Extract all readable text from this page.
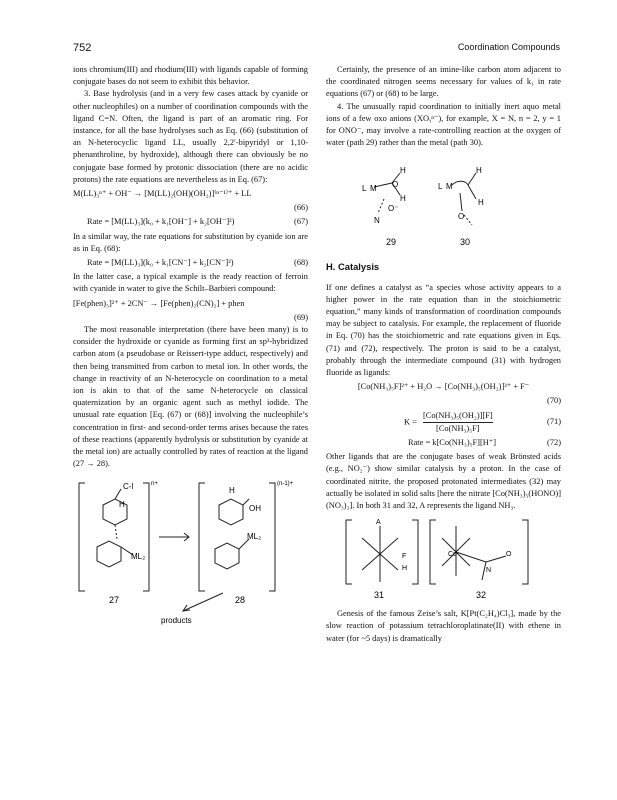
752	Coordination Compounds

ions chromium(III) and rhodium(III) with ligands capable of forming conjugate bases do not seem to exhibit this behavior.

3. Base hydrolysis (and in a very few cases attack by cyanide or other nucleophiles) on a number of coordination compounds with the ligand C=N. Often, the ligand is part of an aromatic ring. For instance, for all the base hydrolyses such as Eq. (66) (substitution of an N-heterocyclic ligand LL, usually 2,2′-bipyridyl or 1,10-phenanthroline, by hydroxide), although there can obviously be no conjugate base formed by protonic dissociation (there are no acidic protons) the rate equations are nevertheless as in Eq. (67):

M(LL)₃ⁿ⁺ + OH⁻ → [M(LL)₂(OH)(OH₂)]⁽ⁿ⁻¹⁾⁺ + LL

(66)

Rate = [M(LL)₃](k₀ + k₁[OH⁻] + k₂[OH⁻]²)	(67)

In a similar way, the rate equations for substitution by cyanide ion are as in Eq. (68):

Rate = [M(LL)₃](k₀ + k₁[CN⁻] + k₂[CN⁻]²)	(68)

In the latter case, a typical example is the ready reaction of ferroin with cyanide in water to give the Schilt–Barbieri compound:

[Fe(phen)₃]²⁺ + 2CN⁻ → [Fe(phen)₂(CN)₂] + phen

(69)

The most reasonable interpretation (there have been many) is to consider the hydroxide or cyanide as forming first an sp³-hybridized carbon atom (a pseudobase or Reissert-type adduct, respectively) and then being transmitted from carbon to metal ion. In other words, the change in reactivity of an N-heterocycle on coordination to a metal ion is akin to that of the same N-heterocycle on classical quaternization by an organic agent such as methyl iodide. The unusual rate equation [Eq. (67) or (68)] involving the nucleophile’s concentration in first- and second-order terms arises because the rates of these reactions (apparently hydrolysis or substitution by cyanide at the metal ion) are actually controlled by rates of reaction at the ligand (27 → 28).

C-l	n+
H
ML₂
27
H
OH
(n-1)+
ML₂
28
products

Certainly, the presence of an imine-like carbon atom adjacent to the coordinated nitrogen seems necessary for values of k₁ in rate equations (67) or (68) to be large.

4. The unusually rapid coordination to initially inert aquo metal ions of a few oxo anions (XOᵧⁿ⁻), for example, X = N, n = 2, y = 1 for ONO⁻, may involve a rate-controlling reaction at the oxygen of water (path 29) rather than the metal (path 30).

L M O
H
H
O⁻
N
29
L M
H
H
O
30
H. Catalysis

If one defines a catalyst as “a species whose activity appears to a higher power in the rate equation than in the stoichiometric equation,” many kinds of transformation of coordination compounds may be subject to catalysis. For example, the replacement of fluoride in Eq. (70) has the stoichiometric and rate equations given in Eqs. (71) and (72), respectively. The proton is said to be a catalyst, probably through the intermediate compound (31) with hydrogen fluoride as ligands:

[Co(NH₃)₅F]²⁺ + H₂O → [Co(NH₃)₅(OH₂)]³⁺ + F⁻

(70)

$K = \frac{\text{[Co(NH₃)₅(OH₂)][F]}}{\text{[Co(NH₃)₅F]}}$	(71)
Rate = k[Co(NH₃)₅F][H⁺]	(72)

Other ligands that are the conjugate bases of weak Brönsted acids (e.g., NO₂⁻) show similar catalysis by a proton. In the case of coordinated nitrite, the proposed protonated intermediates (32) may actually be isolated in solid salts [here the nitrate [Co(NH₃)₅(HONO)](NO₃)₂]. In both 31 and 32, A represents the ligand NH₃.

A
F
H
31
Co	O
N
32

Genesis of the famous Zeise’s salt, K[Pt(C₂H₄)Cl₃], made by the slow reaction of potassium tetrachloroplatinate(II) with ethene in water (for ~5 days) is dramatically
